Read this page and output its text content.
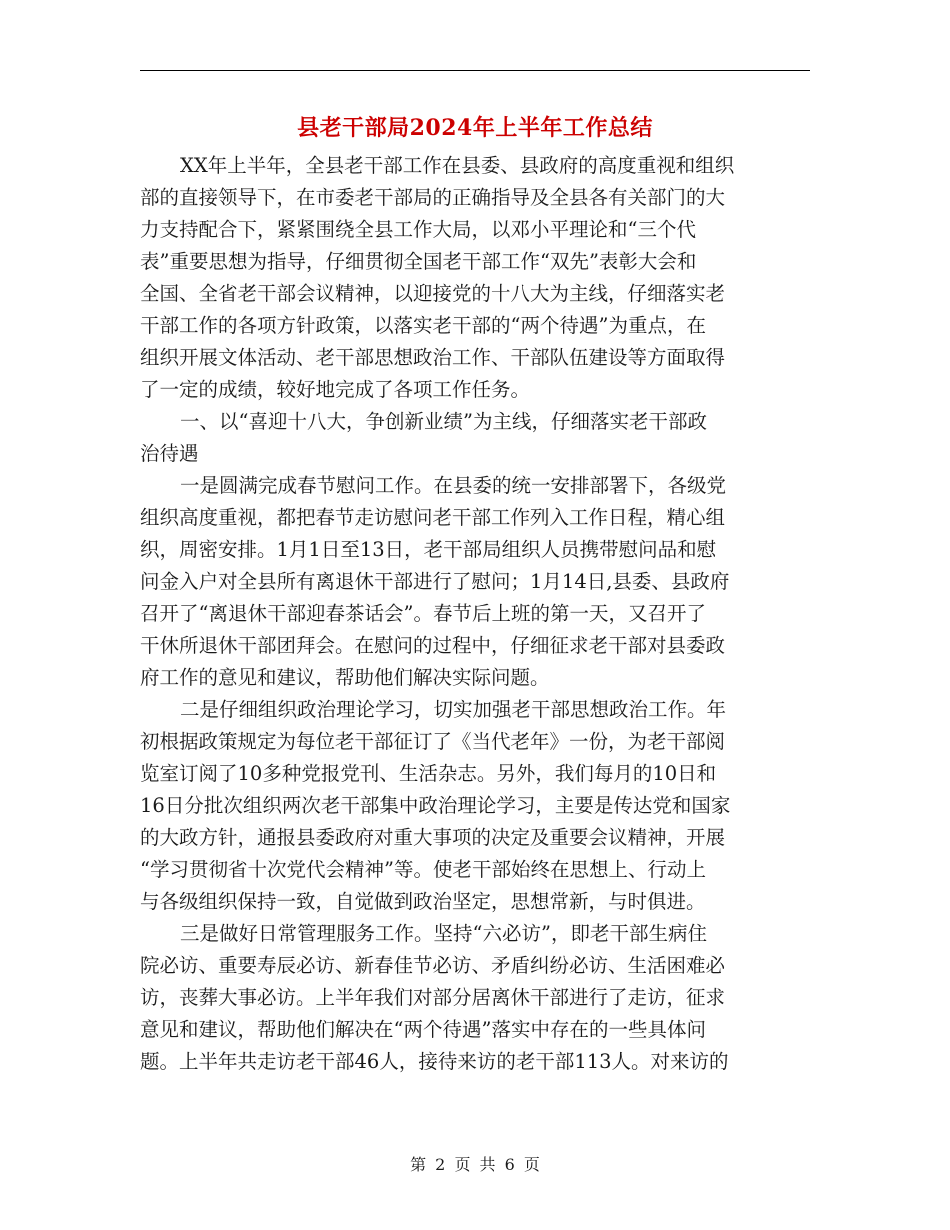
县老干部局2024年上半年工作总结

XX年上半年，全县老干部工作在县委、县政府的高度重视和组织

部的直接领导下，在市委老干部局的正确指导及全县各有关部门的大

力支持配合下，紧紧围绕全县工作大局，以邓小平理论和“三个代

表”重要思想为指导，仔细贯彻全国老干部工作“双先”表彰大会和

全国、全省老干部会议精神，以迎接党的十八大为主线，仔细落实老

干部工作的各项方针政策，以落实老干部的“两个待遇”为重点，在

组织开展文体活动、老干部思想政治工作、干部队伍建设等方面取得

了一定的成绩，较好地完成了各项工作任务。

一、以“喜迎十八大，争创新业绩”为主线，仔细落实老干部政

治待遇

一是圆满完成春节慰问工作。在县委的统一安排部署下，各级党

组织高度重视，都把春节走访慰问老干部工作列入工作日程，精心组

织，周密安排。1月1日至13日，老干部局组织人员携带慰问品和慰

问金入户对全县所有离退休干部进行了慰问；1月14日,县委、县政府

召开了“离退休干部迎春茶话会”。春节后上班的第一天，又召开了

干休所退休干部团拜会。在慰问的过程中，仔细征求老干部对县委政

府工作的意见和建议，帮助他们解决实际问题。

二是仔细组织政治理论学习，切实加强老干部思想政治工作。年

初根据政策规定为每位老干部征订了《当代老年》一份，为老干部阅

览室订阅了10多种党报党刊、生活杂志。另外，我们每月的10日和

16日分批次组织两次老干部集中政治理论学习，主要是传达党和国家

的大政方针，通报县委政府对重大事项的决定及重要会议精神，开展

“学习贯彻省十次党代会精神”等。使老干部始终在思想上、行动上

与各级组织保持一致，自觉做到政治坚定，思想常新，与时俱进。

三是做好日常管理服务工作。坚持“六必访”，即老干部生病住

院必访、重要寿辰必访、新春佳节必访、矛盾纠纷必访、生活困难必

访，丧葬大事必访。上半年我们对部分居离休干部进行了走访，征求

意见和建议，帮助他们解决在“两个待遇”落实中存在的一些具体问

题。上半年共走访老干部46人，接待来访的老干部113人。对来访的

第 2 页 共 6 页
